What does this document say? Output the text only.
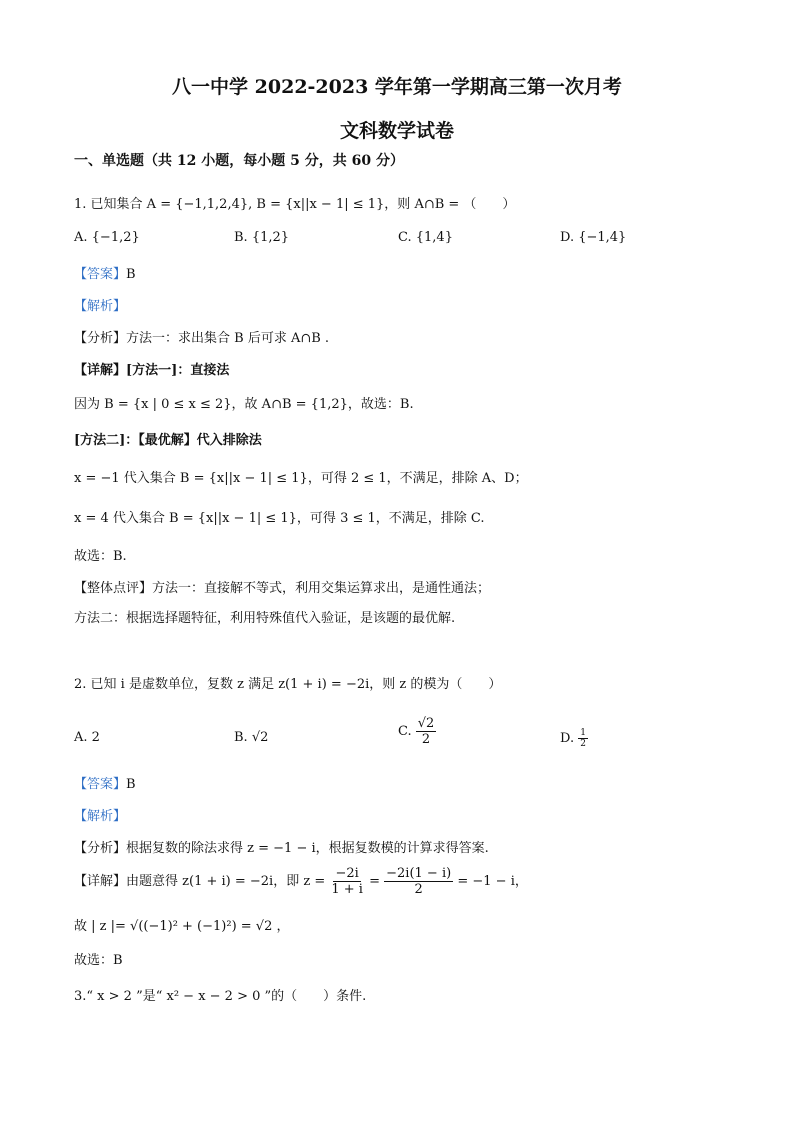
八一中学 2022-2023 学年第一学期高三第一次月考
文科数学试卷
一、单选题（共 12 小题，每小题 5 分，共 60 分）
1. 已知集合 A = {−1,1,2,4}, B = {x||x − 1| ≤ 1}，则 A∩B = （　　）
A. {−1,2}	B. {1,2}	C. {1,4}	D. {−1,4}
【答案】B
【解析】
【分析】方法一：求出集合 B 后可求 A∩B .
【详解】[方法一]：直接法
因为 B = {x | 0 ≤ x ≤ 2}，故 A∩B = {1,2}，故选：B.
[方法二]：【最优解】代入排除法
x = −1 代入集合 B = {x||x − 1| ≤ 1}，可得 2 ≤ 1，不满足，排除 A、D；
x = 4 代入集合 B = {x||x − 1| ≤ 1}，可得 3 ≤ 1，不满足，排除 C.
故选：B.
【整体点评】方法一：直接解不等式，利用交集运算求出，是通性通法；
方法二：根据选择题特征，利用特殊值代入验证，是该题的最优解.
2. 已知 i 是虚数单位，复数 z 满足 z(1 + i) = −2i，则 z 的模为（　　）
A. 2	B. √2	C. $\frac{√2}{2}$	D. $\frac{1}{2}$
【答案】B
【解析】
【分析】根据复数的除法求得 z = −1 − i，根据复数模的计算求得答案.
【详解】由题意得 z(1 + i) = −2i，即 $z = \frac{-2i}{1 + i} = \frac{-2i(1 - i)}{2} = -1 - i$，
故 | z |= √((−1)² + (−1)²) = √2 ，
故选：B
3.“ x > 2 ”是“ x² − x − 2 > 0 ”的（　　）条件.
